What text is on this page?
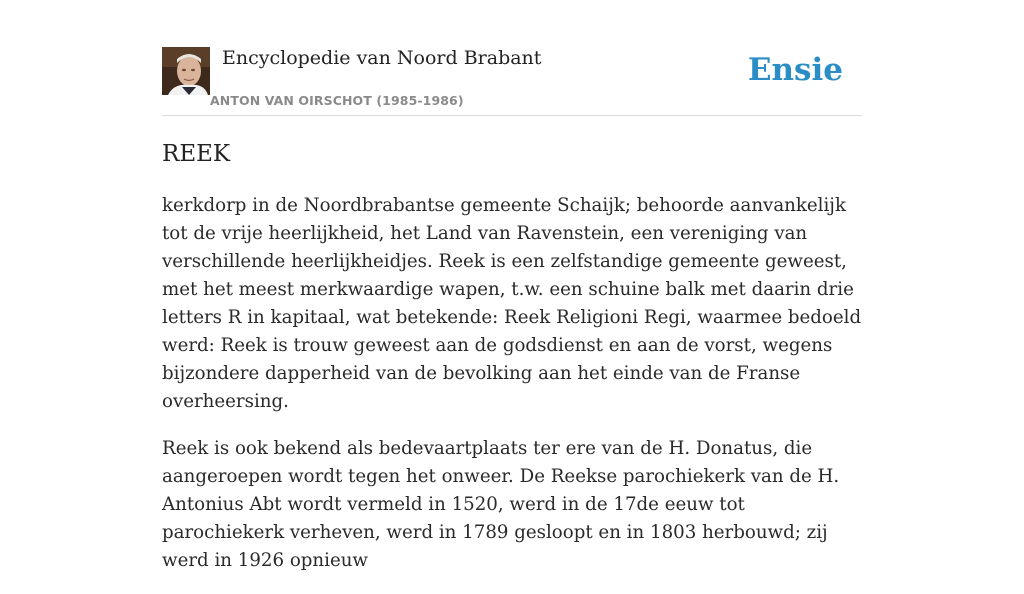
Encyclopedie van Noord Brabant
ANTON VAN OIRSCHOT (1985-1986)
Ensie
REEK

kerkdorp in de Noordbrabantse gemeente Schaijk; behoorde aanvankelijk tot de vrije heerlijkheid, het Land van Ravenstein, een vereniging van verschillende heerlijkheidjes. Reek is een zelfstandige gemeente geweest, met het meest merkwaardige wapen, t.w. een schuine balk met daarin drie letters R in kapitaal, wat betekende: Reek Religioni Regi, waarmee bedoeld werd: Reek is trouw geweest aan de godsdienst en aan de vorst, wegens bijzondere dapperheid van de bevolking aan het einde van de Franse overheersing.

Reek is ook bekend als bedevaartplaats ter ere van de H. Donatus, die aangeroepen wordt tegen het onweer. De Reekse parochiekerk van de H. Antonius Abt wordt vermeld in 1520, werd in de 17de eeuw tot parochiekerk verheven, werd in 1789 gesloopt en in 1803 herbouwd; zij werd in 1926 opnieuw
